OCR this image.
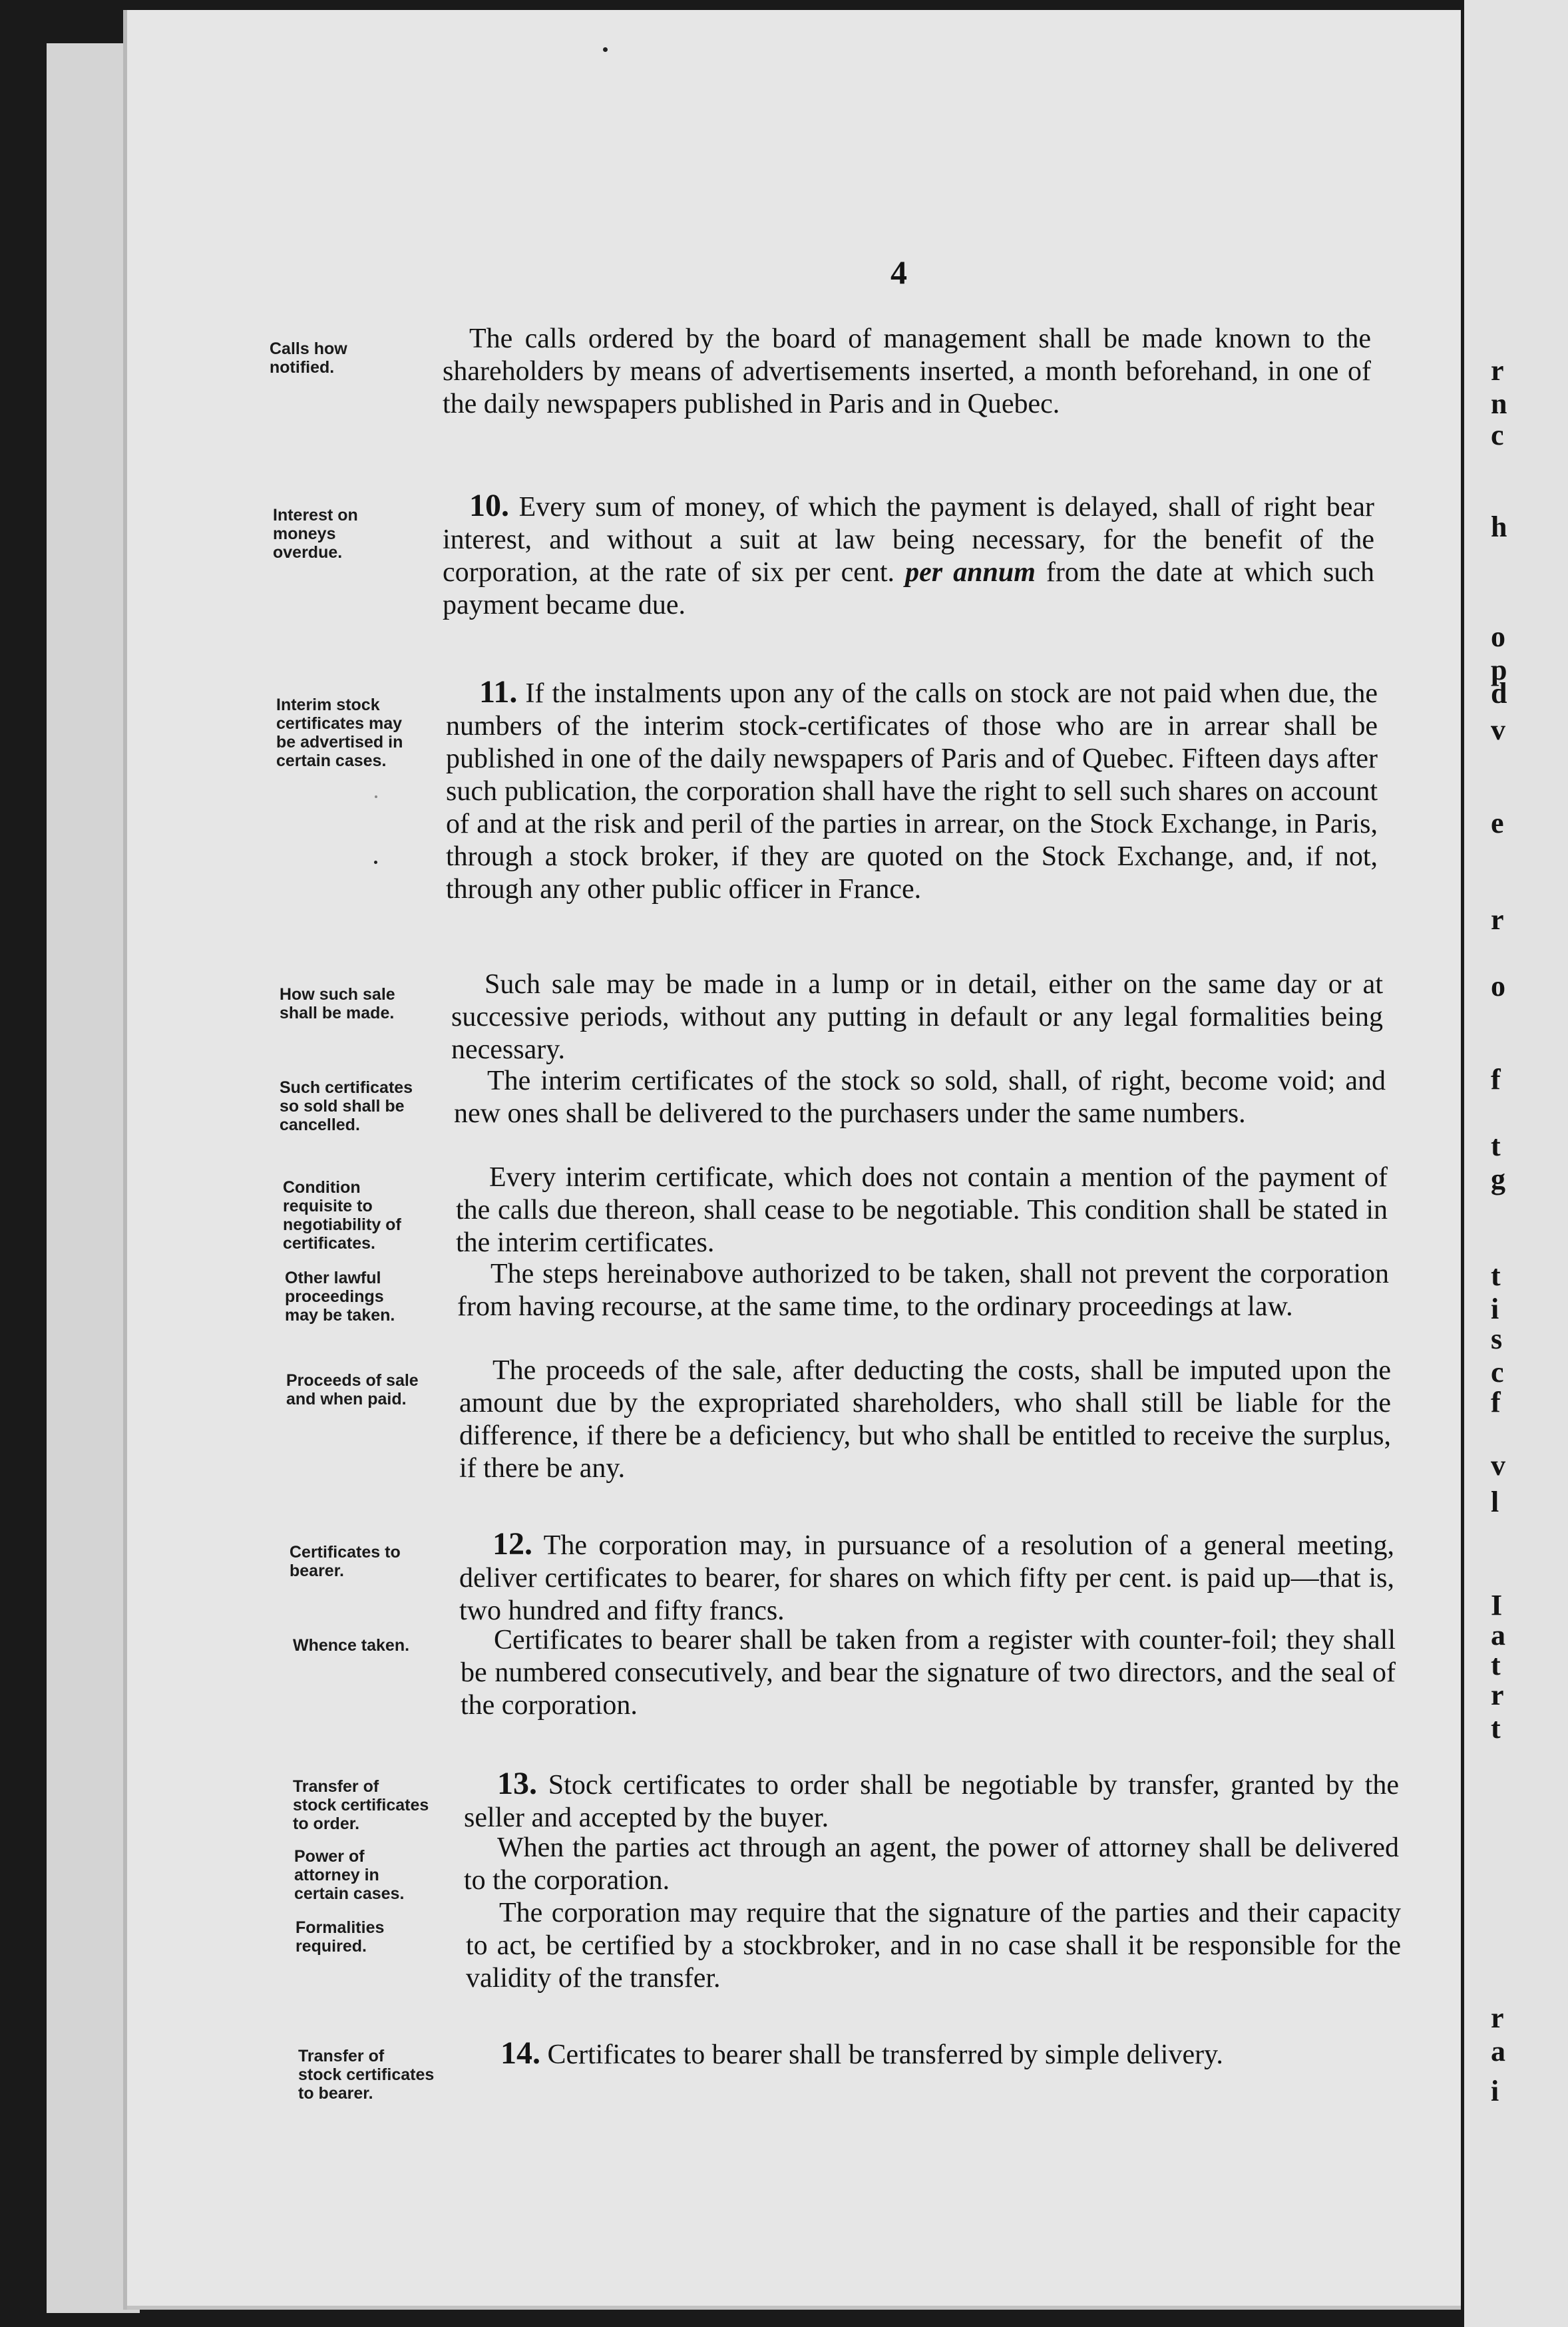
4
Calls how
notified.
Interest on
moneys
overdue.
Interim stock
certificates may
be advertised in
certain cases.
How such sale
shall be made.
Such certificates
so sold shall be
cancelled.
Condition
requisite to
negotiability of
certificates.
Other lawful
proceedings
may be taken.
Proceeds of sale
and when paid.
Certificates to
bearer.
Whence taken.
Transfer of
stock certificates
to order.
Power of
attorney in
certain cases.
Formalities
required.
Transfer of
stock certificates
to bearer.
The calls ordered by the board of management shall be made known to the shareholders by means of advertisements inserted, a month beforehand, in one of the daily newspapers published in Paris and in Quebec.
10. Every sum of money, of which the payment is delayed, shall of right bear interest, and without a suit at law being necessary, for the benefit of the corporation, at the rate of six per cent. per annum from the date at which such payment became due.
11. If the instalments upon any of the calls on stock are not paid when due, the numbers of the interim stock-certificates of those who are in arrear shall be published in one of the daily newspapers of Paris and of Quebec. Fifteen days after such publication, the corporation shall have the right to sell such shares on account of and at the risk and peril of the parties in arrear, on the Stock Exchange, in Paris, through a stock broker, if they are quoted on the Stock Exchange, and, if not, through any other public officer in France.
Such sale may be made in a lump or in detail, either on the same day or at successive periods, without any putting in default or any legal formalities being necessary.
The interim certificates of the stock so sold, shall, of right, become void; and new ones shall be delivered to the purchasers under the same numbers.
Every interim certificate, which does not contain a mention of the payment of the calls due thereon, shall cease to be negotiable. This condition shall be stated in the interim certificates.
The steps hereinabove authorized to be taken, shall not prevent the corporation from having recourse, at the same time, to the ordinary proceedings at law.
The proceeds of the sale, after deducting the costs, shall be imputed upon the amount due by the expropriated shareholders, who shall still be liable for the difference, if there be a deficiency, but who shall be entitled to receive the surplus, if there be any.
12. The corporation may, in pursuance of a resolution of a general meeting, deliver certificates to bearer, for shares on which fifty per cent. is paid up—that is, two hundred and fifty francs.
Certificates to bearer shall be taken from a register with counter-foil; they shall be numbered consecutively, and bear the signature of two directors, and the seal of the corporation.
13. Stock certificates to order shall be negotiable by transfer, granted by the seller and accepted by the buyer.
When the parties act through an agent, the power of attorney shall be delivered to the corporation.
The corporation may require that the signature of the parties and their capacity to act, be certified by a stockbroker, and in no case shall it be responsible for the validity of the transfer.
14. Certificates to bearer shall be transferred by simple delivery.
r
n
c
h
o
p
d
v
e
r
o
f
t
g
t
i
s
c
f
v
l
I
a
t
r
t
r
a
i
